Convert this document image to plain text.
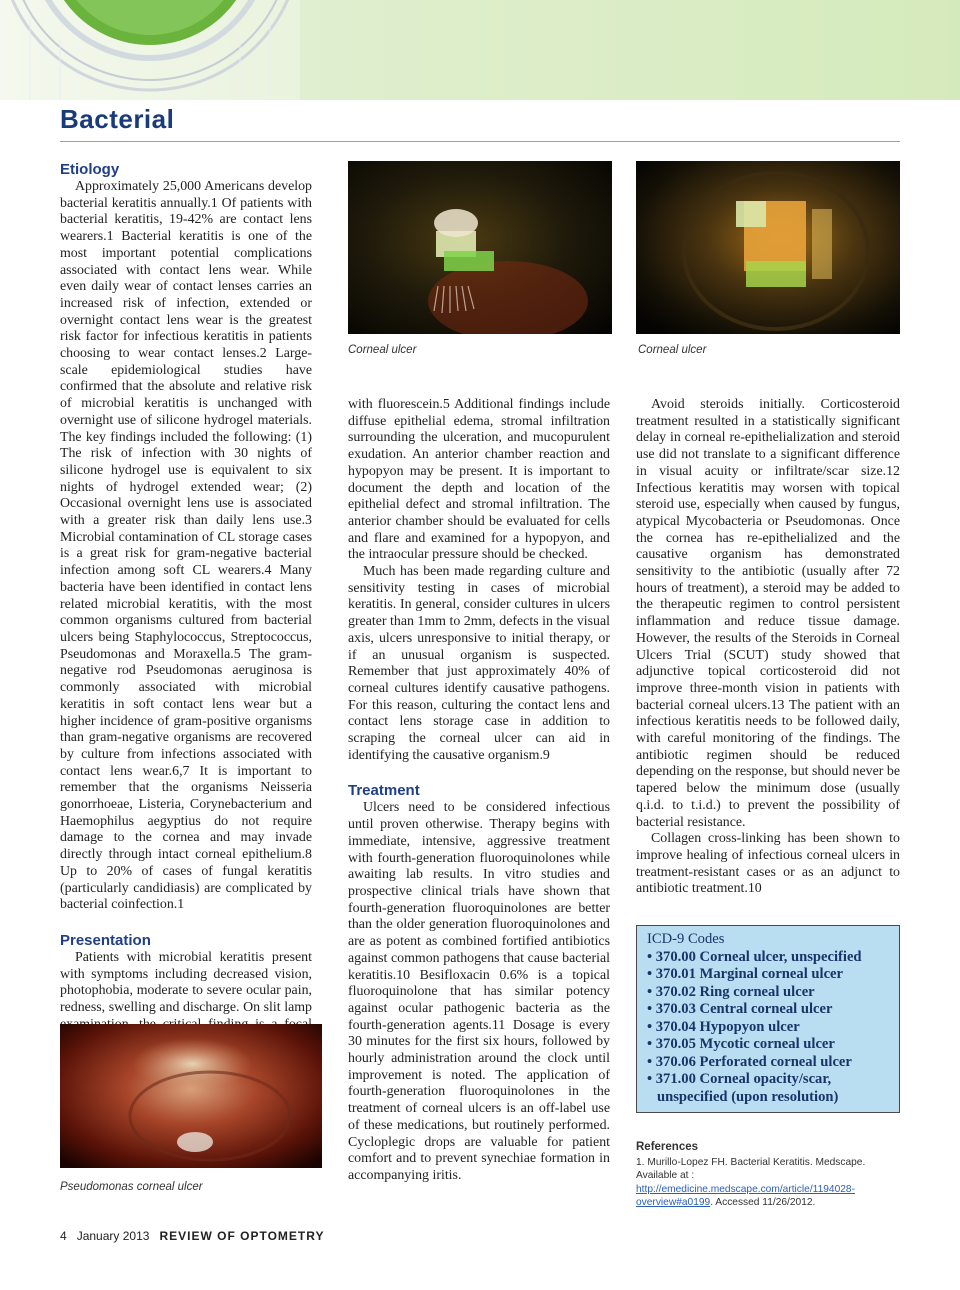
Bacterial
Etiology

Approximately 25,000 Americans develop bacterial keratitis annually.1 Of patients with bacterial keratitis, 19-42% are contact lens wearers.1 Bacterial keratitis is one of the most important potential complications associated with contact lens wear. While even daily wear of contact lenses carries an increased risk of infection, extended or overnight contact lens wear is the greatest risk factor for infectious keratitis in patients choosing to wear contact lenses.2 Large-scale epidemiological studies have confirmed that the absolute and relative risk of microbial keratitis is unchanged with overnight use of silicone hydrogel materials. The key findings included the following: (1) The risk of infection with 30 nights of silicone hydrogel use is equivalent to six nights of hydrogel extended wear; (2) Occasional overnight lens use is associated with a greater risk than daily lens use.3 Microbial contamination of CL storage cases is a great risk for gram-negative bacterial infection among soft CL wearers.4 Many bacteria have been identified in contact lens related microbial keratitis, with the most common organisms cultured from bacterial ulcers being Staphylococcus, Streptococcus, Pseudomonas and Moraxella.5 The gram-negative rod Pseudomonas aeruginosa is commonly associated with microbial keratitis in soft contact lens wear but a higher incidence of gram-positive organisms than gram-negative organisms are recovered by culture from infections associated with contact lens wear.6,7 It is important to remember that the organisms Neisseria gonorrhoeae, Listeria, Corynebacterium and Haemophilus aegyptius do not require damage to the cornea and may invade directly through intact corneal epithelium.8 Up to 20% of cases of fungal keratitis (particularly candidiasis) are complicated by bacterial coinfection.1

Presentation

Patients with microbial keratitis present with symptoms including decreased vision, photophobia, moderate to severe ocular pain, redness, swelling and discharge. On slit lamp

Pseudomonas corneal ulcer
Corneal ulcer	Corneal ulcer

with fluorescein.5 Additional findings include diffuse epithelial edema, stromal infiltration surrounding the ulceration, and mucopurulent exudation. An anterior chamber reaction and hypopyon may be present. It is important to document the depth and location of the epithelial defect and stromal infiltration. The anterior chamber should be evaluated for cells and flare and examined for a hypopyon, and the intraocular pressure should be checked.

Much has been made regarding culture and sensitivity testing in cases of microbial keratitis. In general, consider cultures in ulcers greater than 1mm to 2mm, defects in the visual axis, ulcers unresponsive to initial therapy, or if an unusual organism is suspected. Remember that just approximately 40% of corneal cultures identify causative pathogens. For this reason, culturing the contact lens and contact lens storage case in addition to scraping the corneal ulcer can aid in identifying the causative organism.9

Treatment

Ulcers need to be considered infectious until proven otherwise. Therapy begins with immediate, intensive, aggressive treatment with fourth-generation fluoroquinolones while awaiting lab results. In vitro studies and prospective clinical trials have shown that fourth-generation fluoroquinolones are better than the older generation fluoroquinolones and are as potent as combined fortified antibiotics against common pathogens that cause bacterial keratitis.10 Besifloxacin 0.6% is a topical fluoroquinolone that has similar potency against ocular pathogenic bacteria as the fourth-generation agents.11 Dosage is every 30 minutes for the first six hours, followed by hourly administration around the clock until improvement is noted. The application of fourth-generation fluoroquinolones in the treatment of corneal ulcers is an off-label use of these medications, but routinely performed. Cycloplegic drops are valuable for patient comfort and to prevent synechiae formation in accompanying iritis.

Avoid steroids initially. Corticosteroid treatment resulted in a statistically significant delay in corneal re-epithelialization and steroid use did not translate to a significant difference in visual acuity or infiltrate/scar size.12 Infectious keratitis may worsen with topical steroid use, especially when caused by fungus, atypical Mycobacteria or Pseudomonas. Once the cornea has re-epithelialized and the causative organism has demonstrated sensitivity to the antibiotic (usually after 72 hours of treatment), a steroid may be added to the therapeutic regimen to control persistent inflammation and reduce tissue damage. However, the results of the Steroids in Corneal Ulcers Trial (SCUT) study showed that adjunctive topical corticosteroid did not improve three-month vision in patients with bacterial corneal ulcers.13 The patient with an infectious keratitis needs to be followed daily, with careful monitoring of the findings. The antibiotic regimen should be reduced depending on the response, but should never be tapered below the minimum dose (usually q.i.d. to t.i.d.) to prevent the possibility of bacterial resistance.

Collagen cross-linking has been shown to improve healing of infectious corneal ulcers in treatment-resistant cases or as an adjunct to antibiotic treatment.10

ICD-9 Codes
• 370.00 Corneal ulcer, unspecified
• 370.01 Marginal corneal ulcer
• 370.02 Ring corneal ulcer
• 370.03 Central corneal ulcer
• 370.04 Hypopyon ulcer
• 370.05 Mycotic corneal ulcer
• 370.06 Perforated corneal ulcer
• 371.00 Corneal opacity/scar, unspecified (upon resolution)
References

1. Murillo-Lopez FH. Bacterial Keratitis. Medscape. Available at : http://emedicine.medscape.com/article/1194028-overview#a0199. Accessed 11/26/2012.

4 January 2013 REVIEW OF OPTOMETRY
